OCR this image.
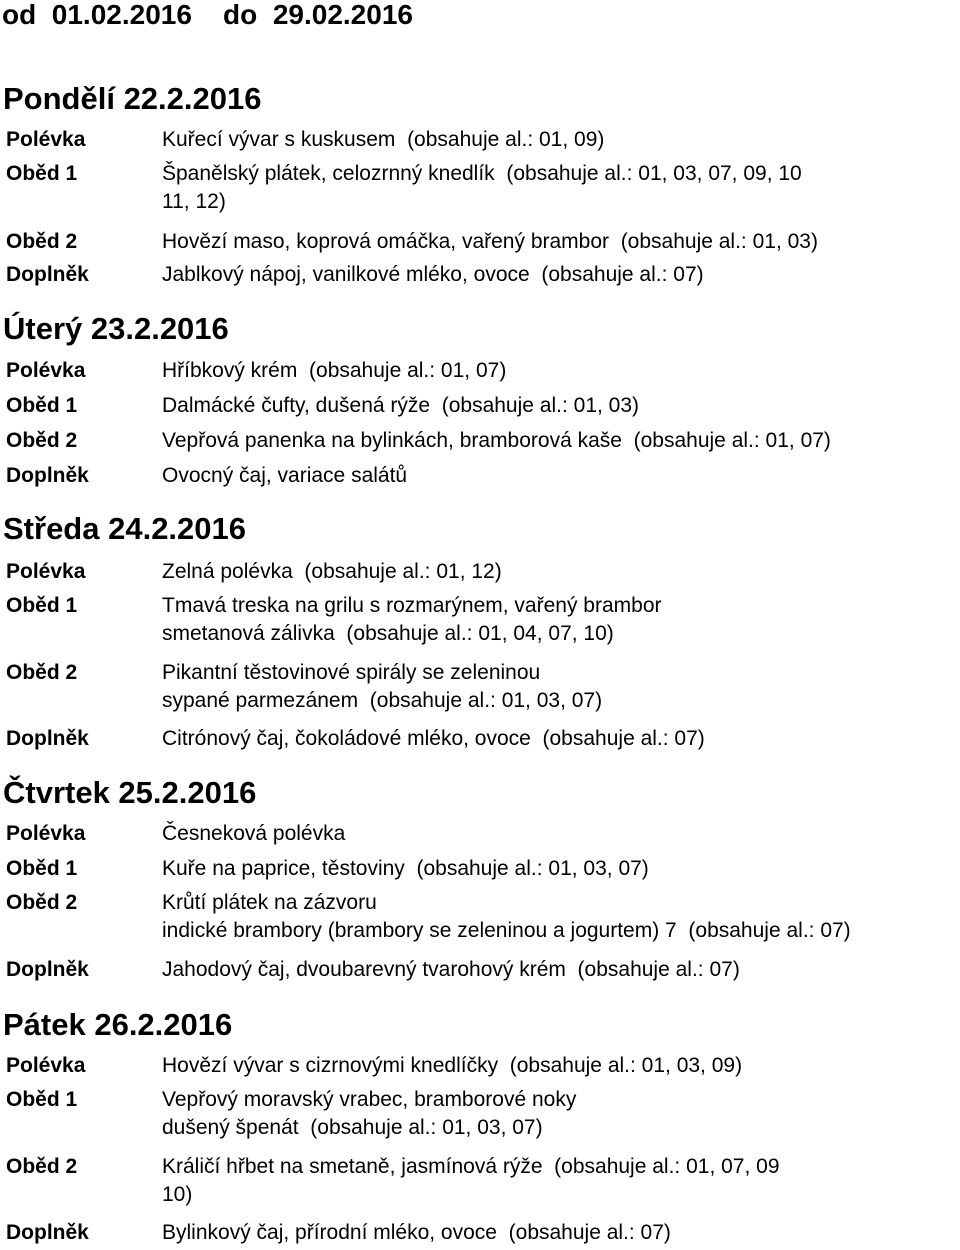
od 01.02.2016 do 29.02.2016
Pondělí 22.2.2016
Polévka	Kuřecí vývar s kuskusem  (obsahuje al.: 01, 09)
Oběd 1	Španělský plátek, celozrnný knedlík  (obsahuje al.: 01, 03, 07, 09, 10
11, 12)
Oběd 2	Hovězí maso, koprová omáčka, vařený brambor  (obsahuje al.: 01, 03)
Doplněk	Jablkový nápoj, vanilkové mléko, ovoce  (obsahuje al.: 07)
Úterý 23.2.2016
Polévka	Hříbkový krém  (obsahuje al.: 01, 07)
Oběd 1	Dalmácké čufty, dušená rýže  (obsahuje al.: 01, 03)
Oběd 2	Vepřová panenka na bylinkách, bramborová kaše  (obsahuje al.: 01, 07)
Doplněk	Ovocný čaj, variace salátů
Středa 24.2.2016
Polévka	Zelná polévka  (obsahuje al.: 01, 12)
Oběd 1	Tmavá treska na grilu s rozmarýnem, vařený brambor
smetanová zálivka  (obsahuje al.: 01, 04, 07, 10)
Oběd 2	Pikantní těstovinové spirály se zeleninou
sypané parmezánem  (obsahuje al.: 01, 03, 07)
Doplněk	Citrónový čaj, čokoládové mléko, ovoce  (obsahuje al.: 07)
Čtvrtek 25.2.2016
Polévka	Česneková polévka
Oběd 1	Kuře na paprice, těstoviny  (obsahuje al.: 01, 03, 07)
Oběd 2	Krůtí plátek na zázvoru
indické brambory (brambory se zeleninou a jogurtem) 7  (obsahuje al.: 07)
Doplněk	Jahodový čaj, dvoubarevný tvarohový krém  (obsahuje al.: 07)
Pátek 26.2.2016
Polévka	Hovězí vývar s cizrnovými knedlíčky  (obsahuje al.: 01, 03, 09)
Oběd 1	Vepřový moravský vrabec, bramborové noky
dušený špenát  (obsahuje al.: 01, 03, 07)
Oběd 2	Králičí hřbet na smetaně, jasmínová rýže  (obsahuje al.: 01, 07, 09
10)
Doplněk	Bylinkový čaj, přírodní mléko, ovoce  (obsahuje al.: 07)
